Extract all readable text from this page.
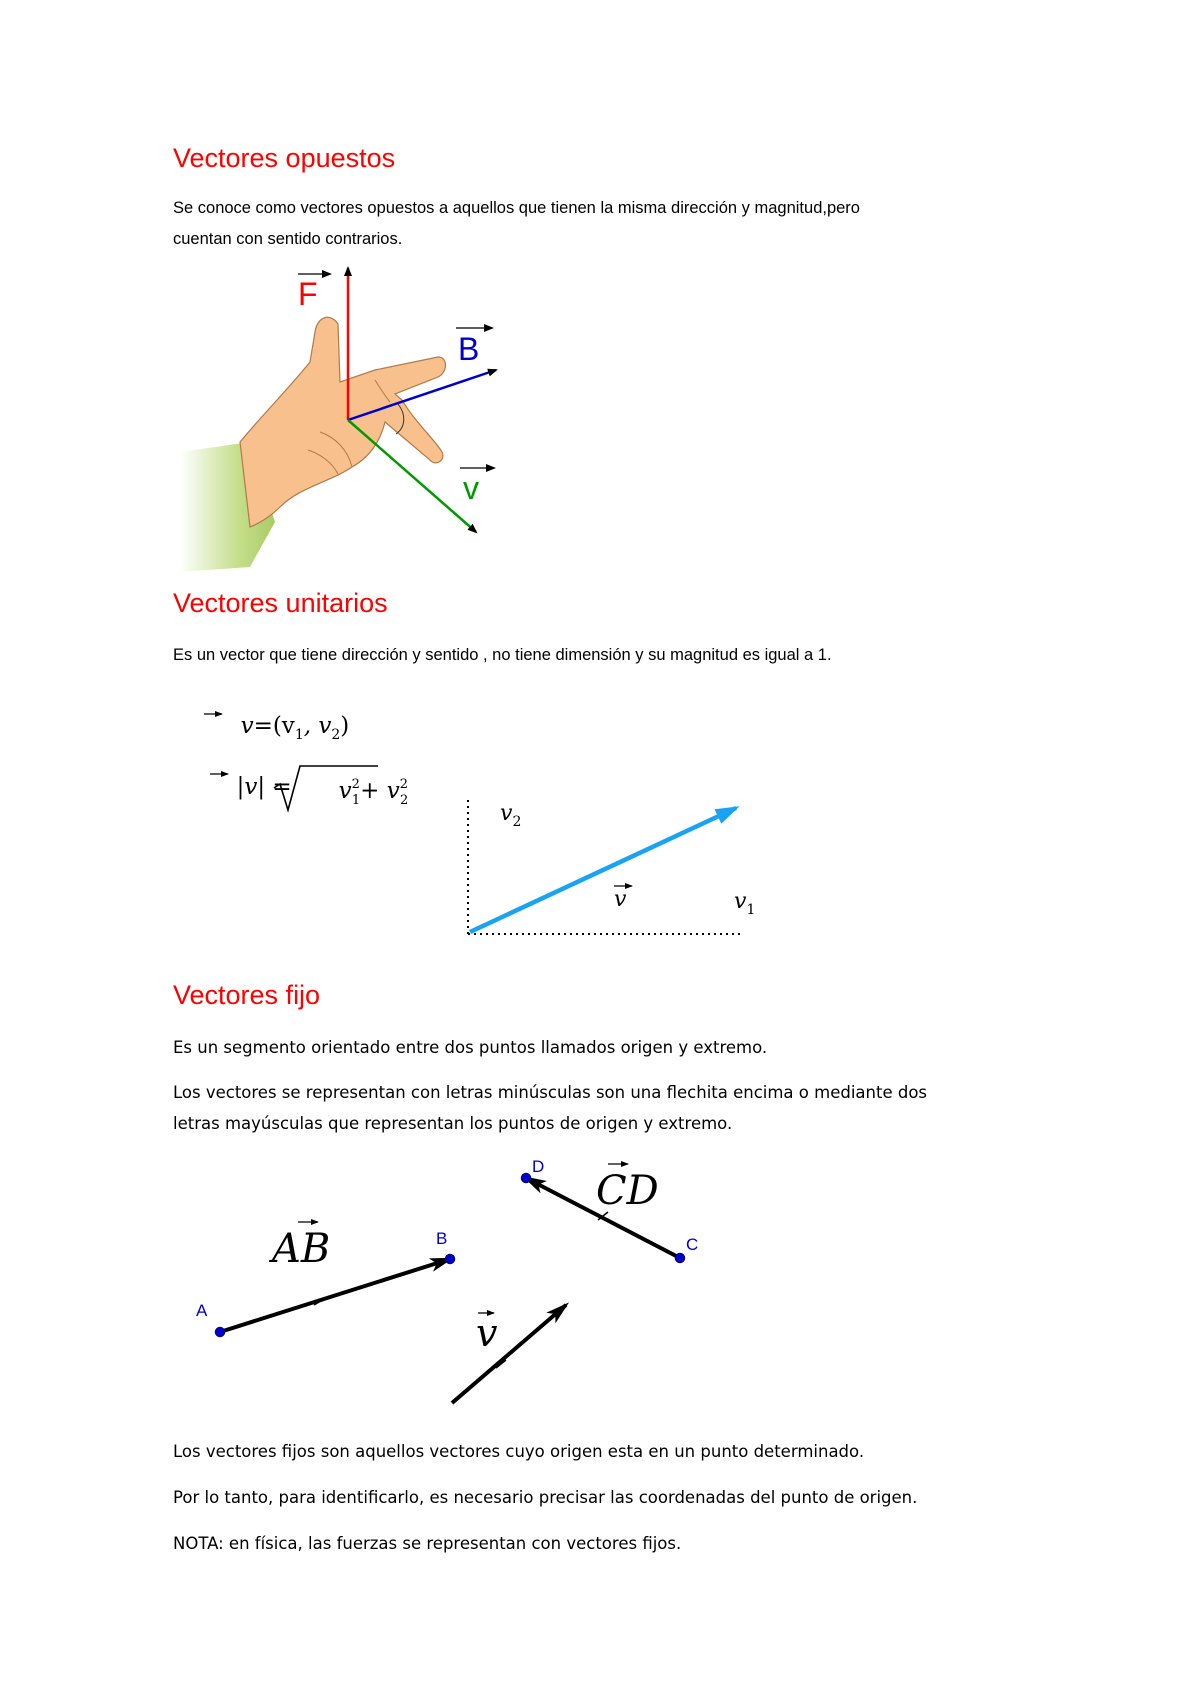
Vectores opuestos

Se conoce como vectores opuestos a aquellos que tienen la misma dirección y magnitud,pero

cuentan con sentido contrarios.

F
B
v
Vectores unitarios

Es un vector que tiene dirección y sentido , no tiene dimensión y su magnitud es igual a 1.

$v=(v_1$, $v_2$)
|v| =	$v^2$ $1+ v^2$ 2
$v_2$
v	$v_1$
Vectores fijo

Es un segmento orientado entre dos puntos llamados origen y extremo.

Los vectores se representan con letras minúsculas son una flechita encima o mediante dos

letras mayúsculas que representan los puntos de origen y extremo.

A
B
AB	C
D
CD
v

Los vectores fijos son aquellos vectores cuyo origen esta en un punto determinado.

Por lo tanto, para identificarlo, es necesario precisar las coordenadas del punto de origen.

NOTA: en física, las fuerzas se representan con vectores fijos.
